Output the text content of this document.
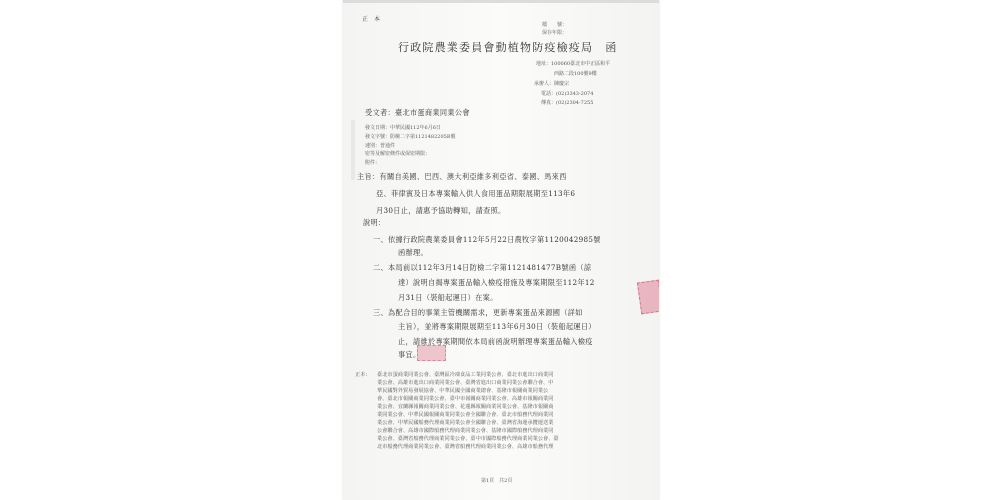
正　本
檔　　號：
保存年限：
行政院農業委員會動植物防疫檢疫局　函
地址：100060臺北市中正區和平
西路二段100號9樓
承辦人：陳慶宗
電話：(02)3343-2074
傳真：(02)2304-7255
受文者：臺北市蛋商業同業公會
發文日期：中華民國112年6月6日
發文字號：防檢二字第1121482205B號
速別：普通件
密等及解密條件或保密期限：
附件：
主旨：有關自美國、巴西、澳大利亞維多利亞省、泰國、馬來西
亞、菲律賓及日本專案輸入供人食用蛋品期限展期至113年6
月30日止，請惠予協助轉知，請查照。
說明：
一、依據行政院農業委員會112年5月22日農牧字第1120042985號
函辦理。
二、本局前以112年3月14日防檢二字第1121481477B號函（諒
達）說明自揭專案蛋品輸入檢疫措施及專案期限至112年12
月31日（裝船起運日）在案。
三、為配合目的事業主管機關需求，更新專案蛋品來源國（詳如
主旨），並將專案期限展期至113年6月30日（裝船起運日）
止，請維於專案期間依本局前函說明辦理專案蛋品輸入檢疫
事宜。
正本： 臺北市蛋商業同業公會、臺灣區冷凍食品工業同業公會、臺北市進出口商業同
業公會、高雄市進出口商業同業公會、臺灣省進出口商業同業公會聯合會、中
華民國對外貿易發展協會、中華民國全國商業總會、基隆市報關商業同業公
會、臺北市報關商業同業公會、臺中市報關商業同業公會、高雄市報關商業同
業公會、宜蘭縣報關商業同業公會、花蓮縣報關商業同業公會、基隆市報關商
業同業公會、中華民國報關商業同業公會全國聯合會、臺北市船務代理商業同
業公會、中華民國船務代理商業同業公會全國聯合會、臺灣省海運承攬運送業
公會聯合會、高雄市國際船務代理商業同業公會、基隆市國際船務代理商業同
業公會、臺灣省船務代理商業同業公會、臺中市國際船務代理商業同業公會、臺
北市船務代理商業同業公會、臺灣省船務代理商業同業公會、高雄市船務代理
第1頁　共2頁
